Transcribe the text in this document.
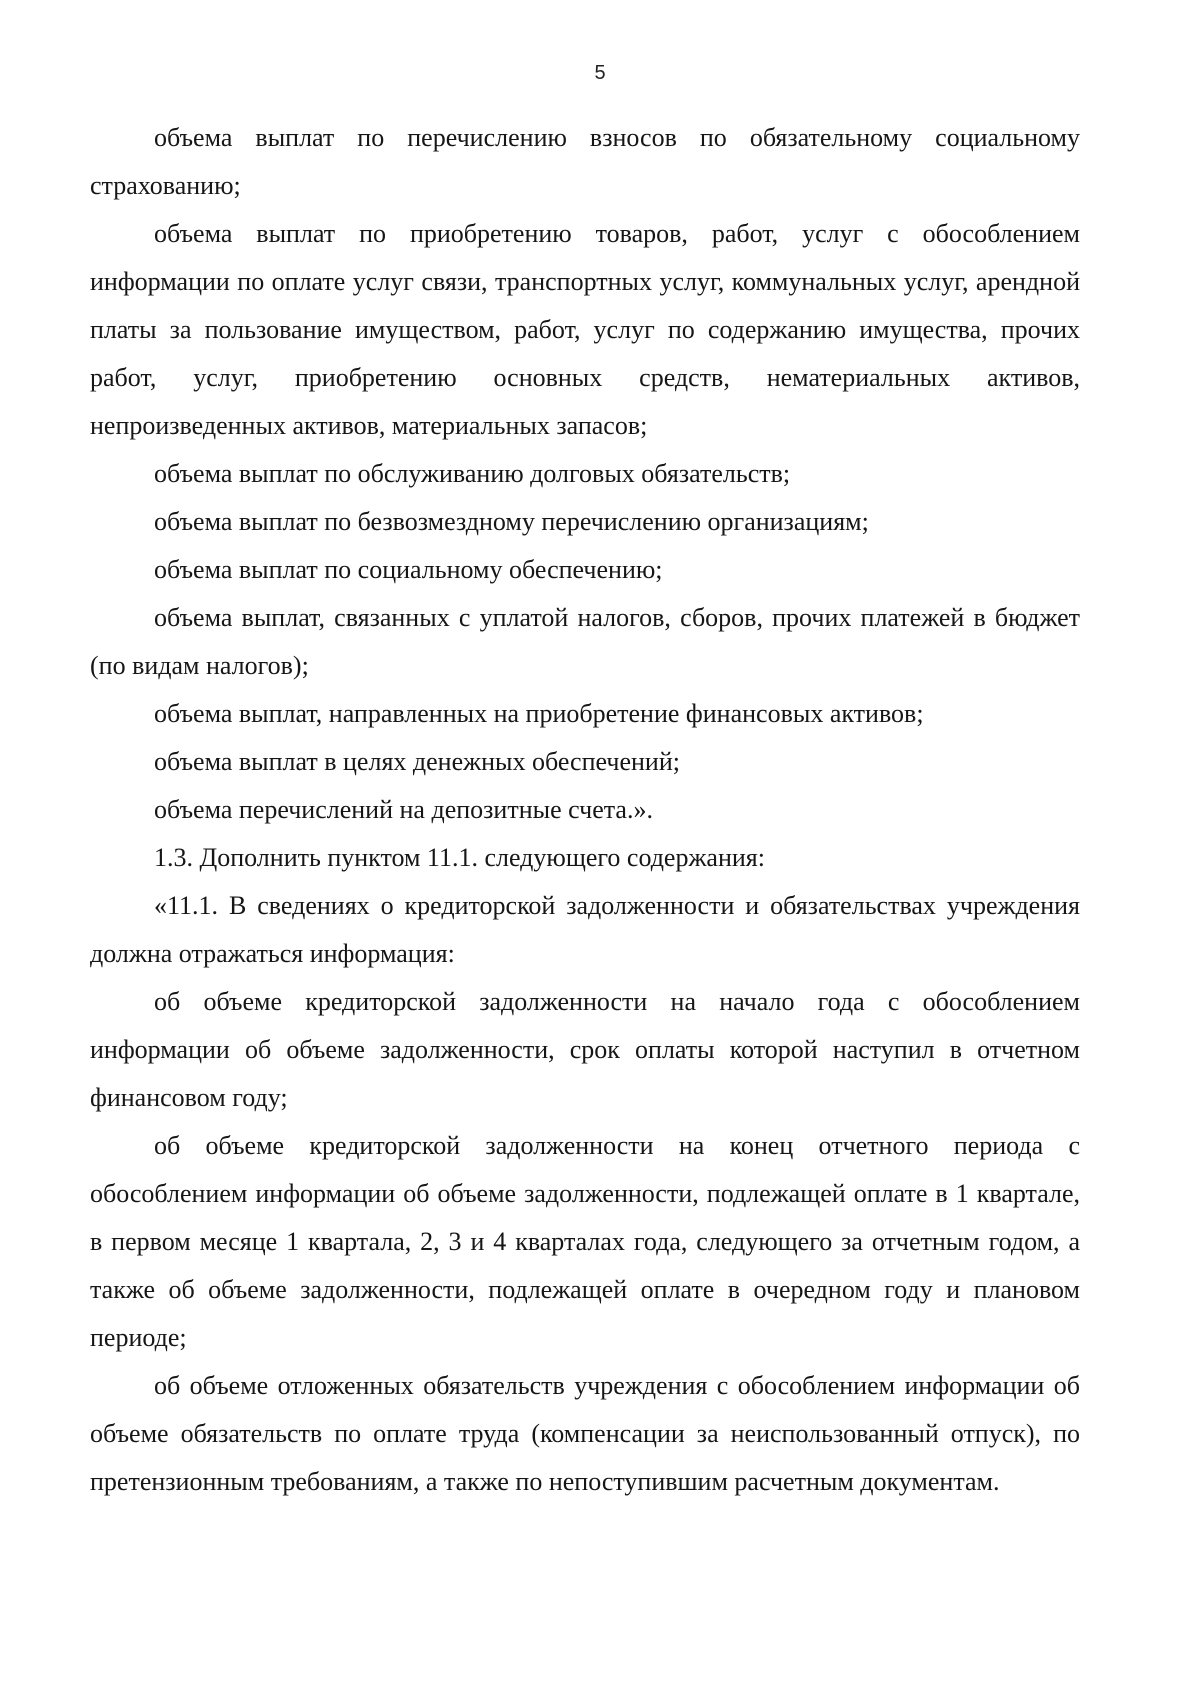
5

объема выплат по перечислению взносов по обязательному социальному страхованию;

объема выплат по приобретению товаров, работ, услуг с обособлением информации по оплате услуг связи, транспортных услуг, коммунальных услуг, арендной платы за пользование имуществом, работ, услуг по содержанию имущества, прочих работ, услуг, приобретению основных средств, нематериальных активов, непроизведенных активов, материальных запасов;

объема выплат по обслуживанию долговых обязательств;

объема выплат по безвозмездному перечислению организациям;

объема выплат по социальному обеспечению;

объема выплат, связанных с уплатой налогов, сборов, прочих платежей в бюджет (по видам налогов);

объема выплат, направленных на приобретение финансовых активов;

объема выплат в целях денежных обеспечений;

объема перечислений на депозитные счета.».

1.3. Дополнить пунктом 11.1. следующего содержания:

«11.1. В сведениях о кредиторской задолженности и обязательствах учреждения должна отражаться информация:

об объеме кредиторской задолженности на начало года с обособлением информации об объеме задолженности, срок оплаты которой наступил в отчетном финансовом году;

об объеме кредиторской задолженности на конец отчетного периода с обособлением информации об объеме задолженности, подлежащей оплате в 1 квартале, в первом месяце 1 квартала, 2, 3 и 4 кварталах года, следующего за отчетным годом, а также об объеме задолженности, подлежащей оплате в очередном году и плановом периоде;

об объеме отложенных обязательств учреждения с обособлением информации об объеме обязательств по оплате труда (компенсации за неиспользованный отпуск), по претензионным требованиям, а также по непоступившим расчетным документам.
